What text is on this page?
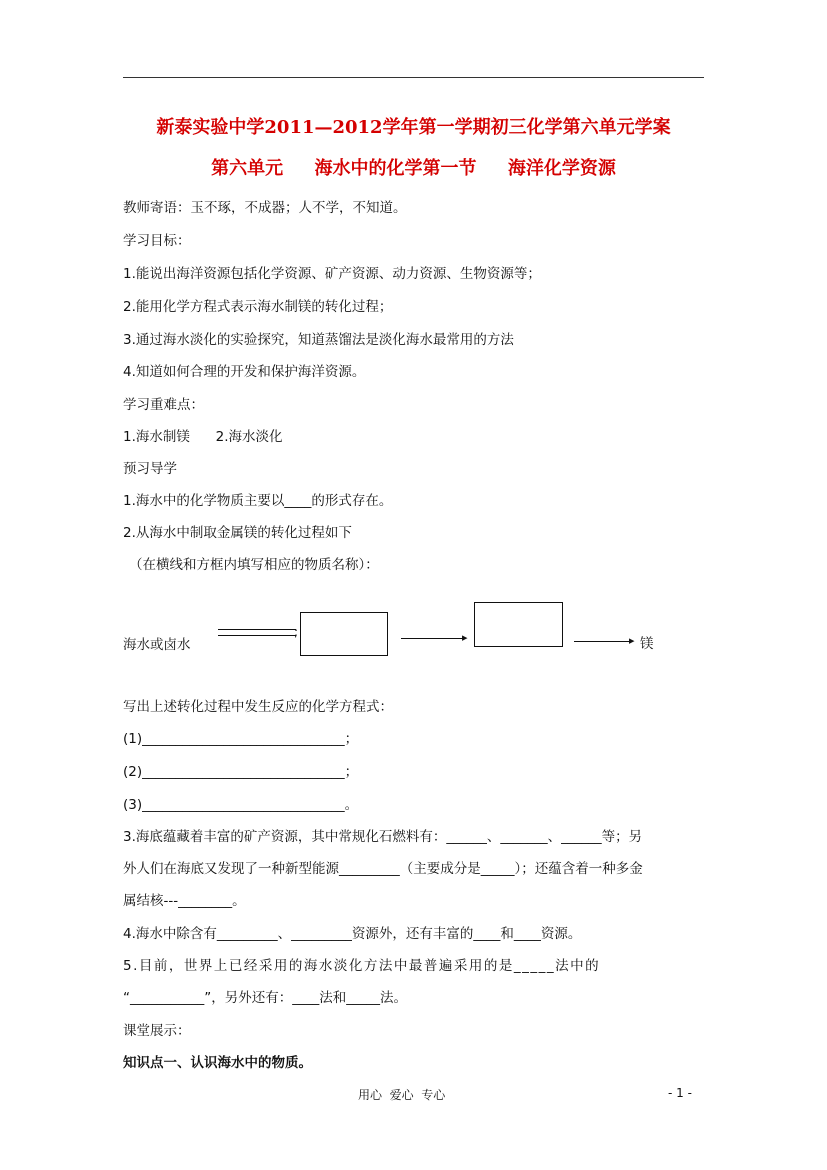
新泰实验中学2011—2012学年第一学期初三化学第六单元学案
第六单元     海水中的化学第一节     海洋化学资源
教师寄语：玉不琢，不成器；人不学，不知道。
学习目标：
1.能说出海洋资源包括化学资源、矿产资源、动力资源、生物资源等；
2.能用化学方程式表示海水制镁的转化过程；
3.通过海水淡化的实验探究，知道蒸馏法是淡化海水最常用的方法
4.知道如何合理的开发和保护海洋资源。
学习重难点：
1.海水制镁      2.海水淡化
预习导学
1.海水中的化学物质主要以____的形式存在。
2.从海水中制取金属镁的转化过程如下
（在横线和方框内填写相应的物质名称）：
海水或卤水
;	▸	▸ 镁
写出上述转化过程中发生反应的化学方程式：
(1)______________________________；
(2)______________________________；
(3)______________________________。
3.海底蕴藏着丰富的矿产资源，其中常规化石燃料有：______、_______、______等；另
外人们在海底又发现了一种新型能源_________（主要成分是_____）；还蕴含着一种多金
属结核---________。
4.海水中除含有_________、_________资源外，还有丰富的____和____资源。
5.目前，世界上已经采用的海水淡化方法中最普遍采用的是_____法中的
“___________”，另外还有：____法和_____法。
课堂展示：
知识点一、认识海水中的物质。
用心  爱心  专心	- 1 -
